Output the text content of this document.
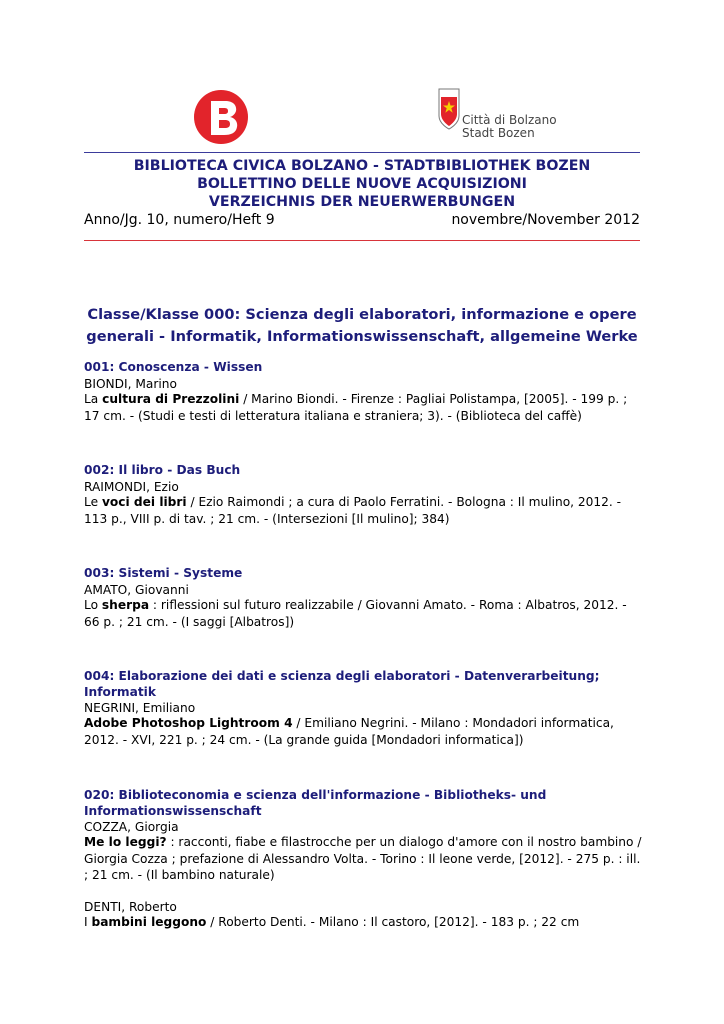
Città di Bolzano
Stadt Bozen
BIBLIOTECA CIVICA BOLZANO - STADTBIBLIOTHEK BOZEN
BOLLETTINO DELLE NUOVE ACQUISIZIONI
VERZEICHNIS DER NEUERWERBUNGEN
Anno/Jg. 10, numero/Heft 9	novembre/November 2012
Classe/Klasse 000: Scienza degli elaboratori, informazione e opere generali - Informatik, Informationswissenschaft, allgemeine Werke
001: Conoscenza - Wissen
BIONDI, Marino
La cultura di Prezzolini / Marino Biondi. - Firenze : Pagliai Polistampa, [2005]. - 199 p. ; 17 cm. - (Studi e testi di letteratura italiana e straniera; 3). - (Biblioteca del caffè)
002: Il libro - Das Buch
RAIMONDI, Ezio
Le voci dei libri / Ezio Raimondi ; a cura di Paolo Ferratini. - Bologna : Il mulino, 2012. - 113 p., VIII p. di tav. ; 21 cm. - (Intersezioni [Il mulino]; 384)
003: Sistemi - Systeme
AMATO, Giovanni
Lo sherpa : riflessioni sul futuro realizzabile / Giovanni Amato. - Roma : Albatros, 2012. - 66 p. ; 21 cm. - (I saggi [Albatros])
004: Elaborazione dei dati e scienza degli elaboratori - Datenverarbeitung; Informatik
NEGRINI, Emiliano
Adobe Photoshop Lightroom 4 / Emiliano Negrini. - Milano : Mondadori informatica, 2012. - XVI, 221 p. ; 24 cm. - (La grande guida [Mondadori informatica])
020: Biblioteconomia e scienza dell'informazione - Bibliotheks- und Informationswissenschaft
COZZA, Giorgia
Me lo leggi? : racconti, fiabe e filastrocche per un dialogo d'amore con il nostro bambino / Giorgia Cozza ; prefazione di Alessandro Volta. - Torino : Il leone verde, [2012]. - 275 p. : ill. ; 21 cm. - (Il bambino naturale)
DENTI, Roberto
I bambini leggono / Roberto Denti. - Milano : Il castoro, [2012]. - 183 p. ; 22 cm
